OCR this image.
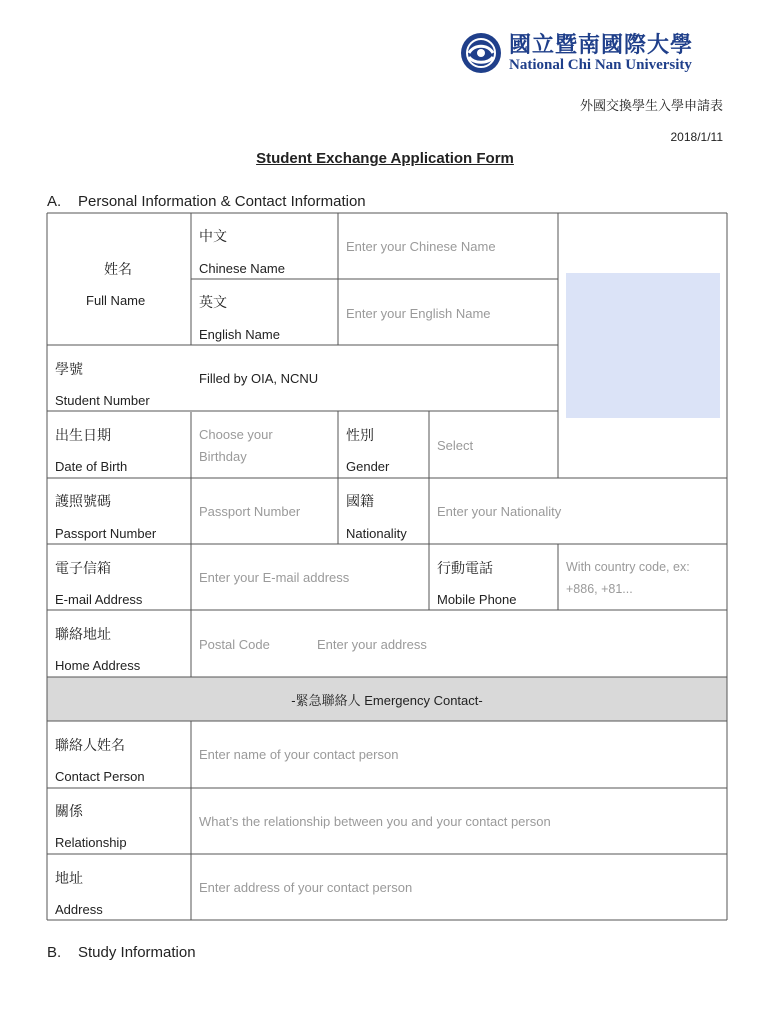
國立暨南國際大學
National Chi Nan University
外國交換學生入學申請表
2018/1/11
Student Exchange Application Form
A. Personal Information & Contact Information
姓名
Full Name
中文
Chinese Name
Enter your Chinese Name
英文
English Name
Enter your English Name
學號
Student Number
Filled by OIA, NCNU
出生日期
Date of Birth
Choose your Birthday
性別
Gender
Select
護照號碼
Passport Number
Passport Number
國籍
Nationality
Enter your Nationality
電子信箱
E-mail Address
Enter your E-mail address
行動電話
Mobile Phone
With country code, ex: +886, +81...
聯絡地址
Home Address
Postal Code	Enter your address
-緊急聯絡人 Emergency Contact-
聯絡人姓名
Contact Person
Enter name of your contact person
關係
Relationship
What’s the relationship between you and your contact person
地址
Address
Enter address of your contact person
B. Study Information
